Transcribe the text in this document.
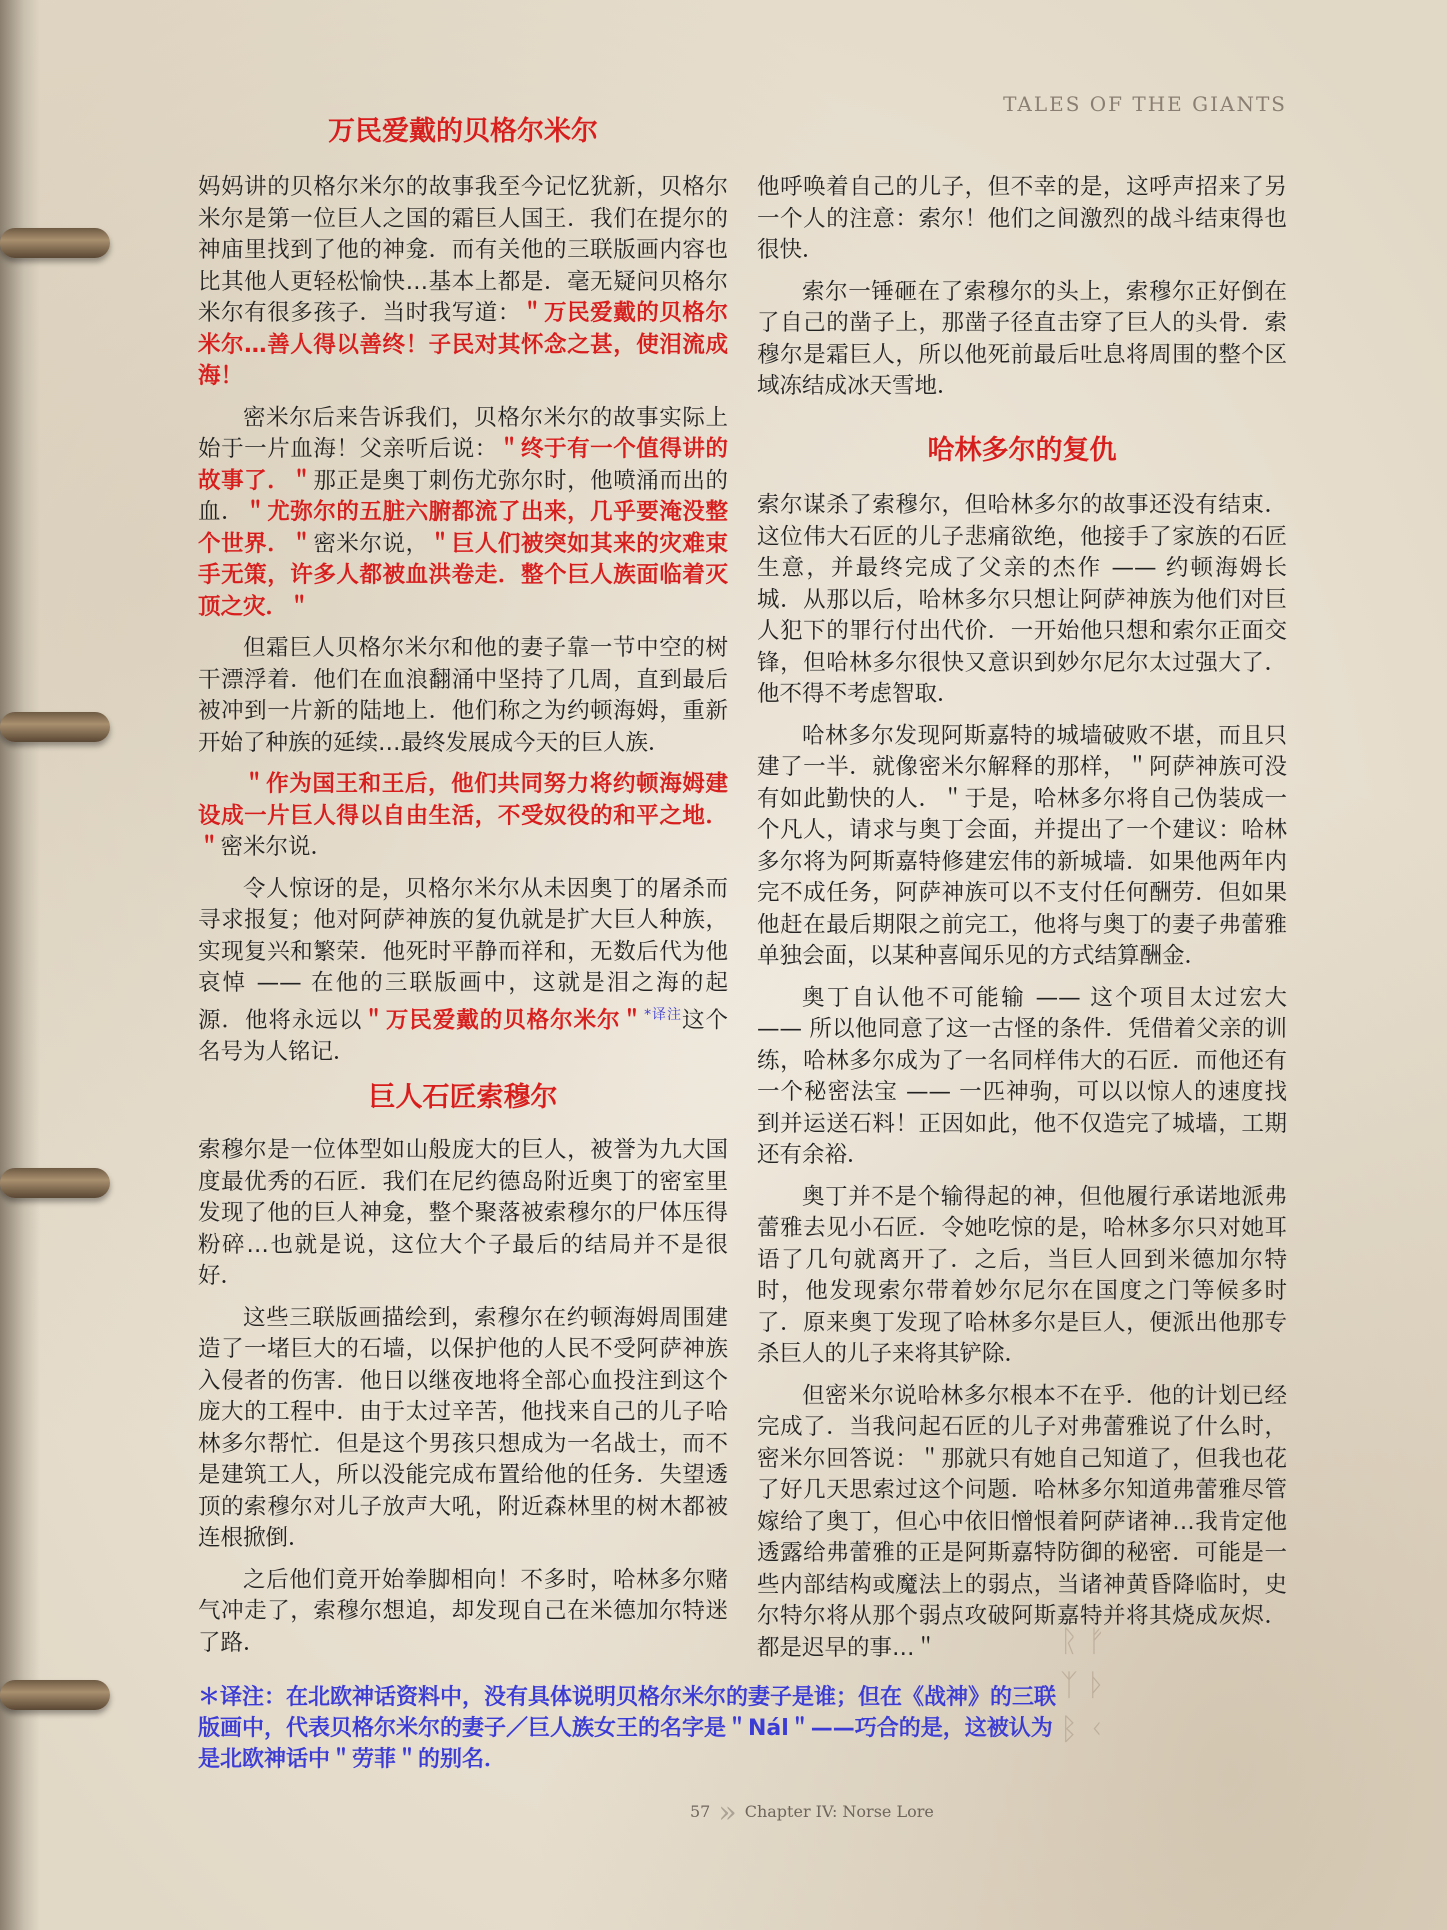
TALES OF THE GIANTS
万民爱戴的贝格尔米尔

妈妈讲的贝格尔米尔的故事我至今记忆犹新，贝格尔米尔是第一位巨人之国的霜巨人国王．我们在提尔的神庙里找到了他的神龛．而有关他的三联版画内容也比其他人更轻松愉快…基本上都是．毫无疑问贝格尔米尔有很多孩子．当时我写道：＂万民爱戴的贝格尔米尔…善人得以善终！子民对其怀念之甚，使泪流成海！

密米尔后来告诉我们，贝格尔米尔的故事实际上始于一片血海！父亲听后说：＂终于有一个值得讲的故事了．＂那正是奥丁刺伤尤弥尔时，他喷涌而出的血．＂尤弥尔的五脏六腑都流了出来，几乎要淹没整个世界．＂密米尔说，＂巨人们被突如其来的灾难束手无策，许多人都被血洪卷走．整个巨人族面临着灭顶之灾．＂

但霜巨人贝格尔米尔和他的妻子靠一节中空的树干漂浮着．他们在血浪翻涌中坚持了几周，直到最后被冲到一片新的陆地上．他们称之为约顿海姆，重新开始了种族的延续…最终发展成今天的巨人族．

＂作为国王和王后，他们共同努力将约顿海姆建设成一片巨人得以自由生活，不受奴役的和平之地．＂密米尔说．

令人惊讶的是，贝格尔米尔从未因奥丁的屠杀而寻求报复；他对阿萨神族的复仇就是扩大巨人种族，实现复兴和繁荣．他死时平静而祥和，无数后代为他哀悼 —— 在他的三联版画中，这就是泪之海的起源．他将永远以＂万民爱戴的贝格尔米尔＂$^{*译注}$这个名号为人铭记．

巨人石匠索穆尔

索穆尔是一位体型如山般庞大的巨人，被誉为九大国度最优秀的石匠．我们在尼约德岛附近奥丁的密室里发现了他的巨人神龛，整个聚落被索穆尔的尸体压得粉碎…也就是说，这位大个子最后的结局并不是很好．

这些三联版画描绘到，索穆尔在约顿海姆周围建造了一堵巨大的石墙，以保护他的人民不受阿萨神族入侵者的伤害．他日以继夜地将全部心血投注到这个庞大的工程中．由于太过辛苦，他找来自己的儿子哈林多尔帮忙．但是这个男孩只想成为一名战士，而不是建筑工人，所以没能完成布置给他的任务．失望透顶的索穆尔对儿子放声大吼，附近森林里的树木都被连根掀倒．

之后他们竟开始拳脚相向！不多时，哈林多尔赌气冲走了，索穆尔想追，却发现自己在米德加尔特迷了路．

他呼唤着自己的儿子，但不幸的是，这呼声招来了另一个人的注意：索尔！他们之间激烈的战斗结束得也很快．

索尔一锤砸在了索穆尔的头上，索穆尔正好倒在了自己的凿子上，那凿子径直击穿了巨人的头骨．索穆尔是霜巨人，所以他死前最后吐息将周围的整个区域冻结成冰天雪地．

哈林多尔的复仇

索尔谋杀了索穆尔，但哈林多尔的故事还没有结束．这位伟大石匠的儿子悲痛欲绝，他接手了家族的石匠生意，并最终完成了父亲的杰作 —— 约顿海姆长城．从那以后，哈林多尔只想让阿萨神族为他们对巨人犯下的罪行付出代价．一开始他只想和索尔正面交锋，但哈林多尔很快又意识到妙尔尼尔太过强大了．他不得不考虑智取．

哈林多尔发现阿斯嘉特的城墙破败不堪，而且只建了一半．就像密米尔解释的那样，＂阿萨神族可没有如此勤快的人．＂于是，哈林多尔将自己伪装成一个凡人，请求与奥丁会面，并提出了一个建议：哈林多尔将为阿斯嘉特修建宏伟的新城墙．如果他两年内完不成任务，阿萨神族可以不支付任何酬劳．但如果他赶在最后期限之前完工，他将与奥丁的妻子弗蕾雅单独会面，以某种喜闻乐见的方式结算酬金．

奥丁自认他不可能输 —— 这个项目太过宏大 —— 所以他同意了这一古怪的条件．凭借着父亲的训练，哈林多尔成为了一名同样伟大的石匠．而他还有一个秘密法宝 —— 一匹神驹，可以以惊人的速度找到并运送石料！正因如此，他不仅造完了城墙，工期还有余裕．

奥丁并不是个输得起的神，但他履行承诺地派弗蕾雅去见小石匠．令她吃惊的是，哈林多尔只对她耳语了几句就离开了．之后，当巨人回到米德加尔特时，他发现索尔带着妙尔尼尔在国度之门等候多时了．原来奥丁发现了哈林多尔是巨人，便派出他那专杀巨人的儿子来将其铲除．

但密米尔说哈林多尔根本不在乎．他的计划已经完成了．当我问起石匠的儿子对弗蕾雅说了什么时，密米尔回答说：＂那就只有她自己知道了，但我也花了好几天思索过这个问题．哈林多尔知道弗蕾雅尽管嫁给了奥丁，但心中依旧憎恨着阿萨诸神…我肯定他透露给弗蕾雅的正是阿斯嘉特防御的秘密．可能是一些内部结构或魔法上的弱点，当诸神黄昏降临时，史尔特尔将从那个弱点攻破阿斯嘉特并将其烧成灰烬．都是迟早的事…＂	ᚱ ᚠ
ᛉ ᚦ
ᛒ ᚲ
＊译注：在北欧神话资料中，没有具体说明贝格尔米尔的妻子是谁；但在《战神》的三联版画中，代表贝格尔米尔的妻子／巨人族女王的名字是＂Nál＂——巧合的是，这被认为是北欧神话中＂劳菲＂的别名．
57 » Chapter IV: Norse Lore
